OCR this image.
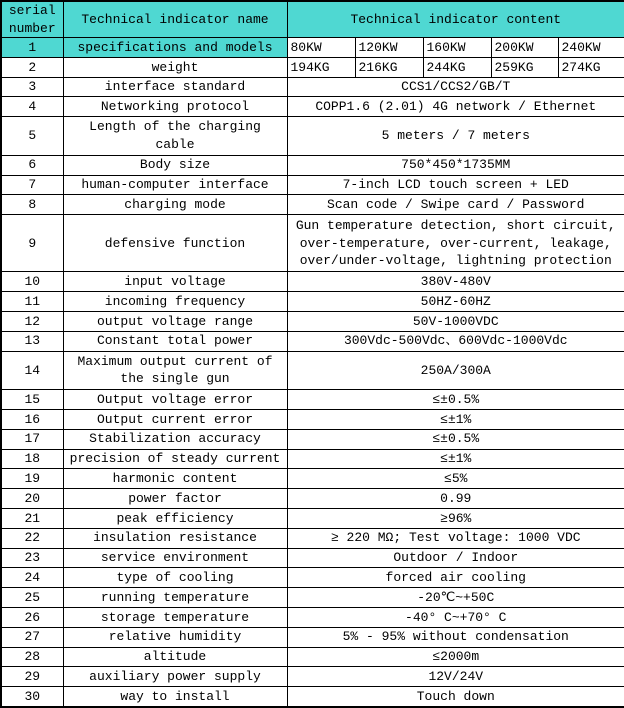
serial number	Technical indicator name	Technical indicator content				
1	specifications and models	80KW	120KW	160KW	200KW	240KW
2	weight	194KG	216KG	244KG	259KG	274KG
3	interface standard	CCS1/CCS2/GB/T				
4	Networking protocol	COPP1.6 (2.01) 4G network / Ethernet				
5	Length of the charging cable	5 meters / 7 meters				
6	Body size	750*450*1735MM				
7	human-computer interface	7-inch LCD touch screen + LED				
8	charging mode	Scan code / Swipe card / Password				
9	defensive function	Gun temperature detection, short circuit, over-temperature, over-current, leakage, over/under-voltage, lightning protection				
10	input voltage	380V-480V				
11	incoming frequency	50HZ-60HZ				
12	output voltage range	50V-1000VDC				
13	Constant total power	300Vdc-500Vdc、600Vdc-1000Vdc				
14	Maximum output current of the single gun	250A/300A				
15	Output voltage error	≤±0.5%				
16	Output current error	≤±1%				
17	Stabilization accuracy	≤±0.5%				
18	precision of steady current	≤±1%				
19	harmonic content	≤5%				
20	power factor	0.99				
21	peak efficiency	≥96%				
22	insulation resistance	≥ 220 MΩ; Test voltage: 1000 VDC				
23	service environment	Outdoor / Indoor				
24	type of cooling	forced air cooling				
25	running temperature	-20℃~+50C				
26	storage temperature	-40° C~+70° C				
27	relative humidity	5% - 95% without condensation				
28	altitude	≤2000m				
29	auxiliary power supply	12V/24V				
30	way to install	Touch down				
